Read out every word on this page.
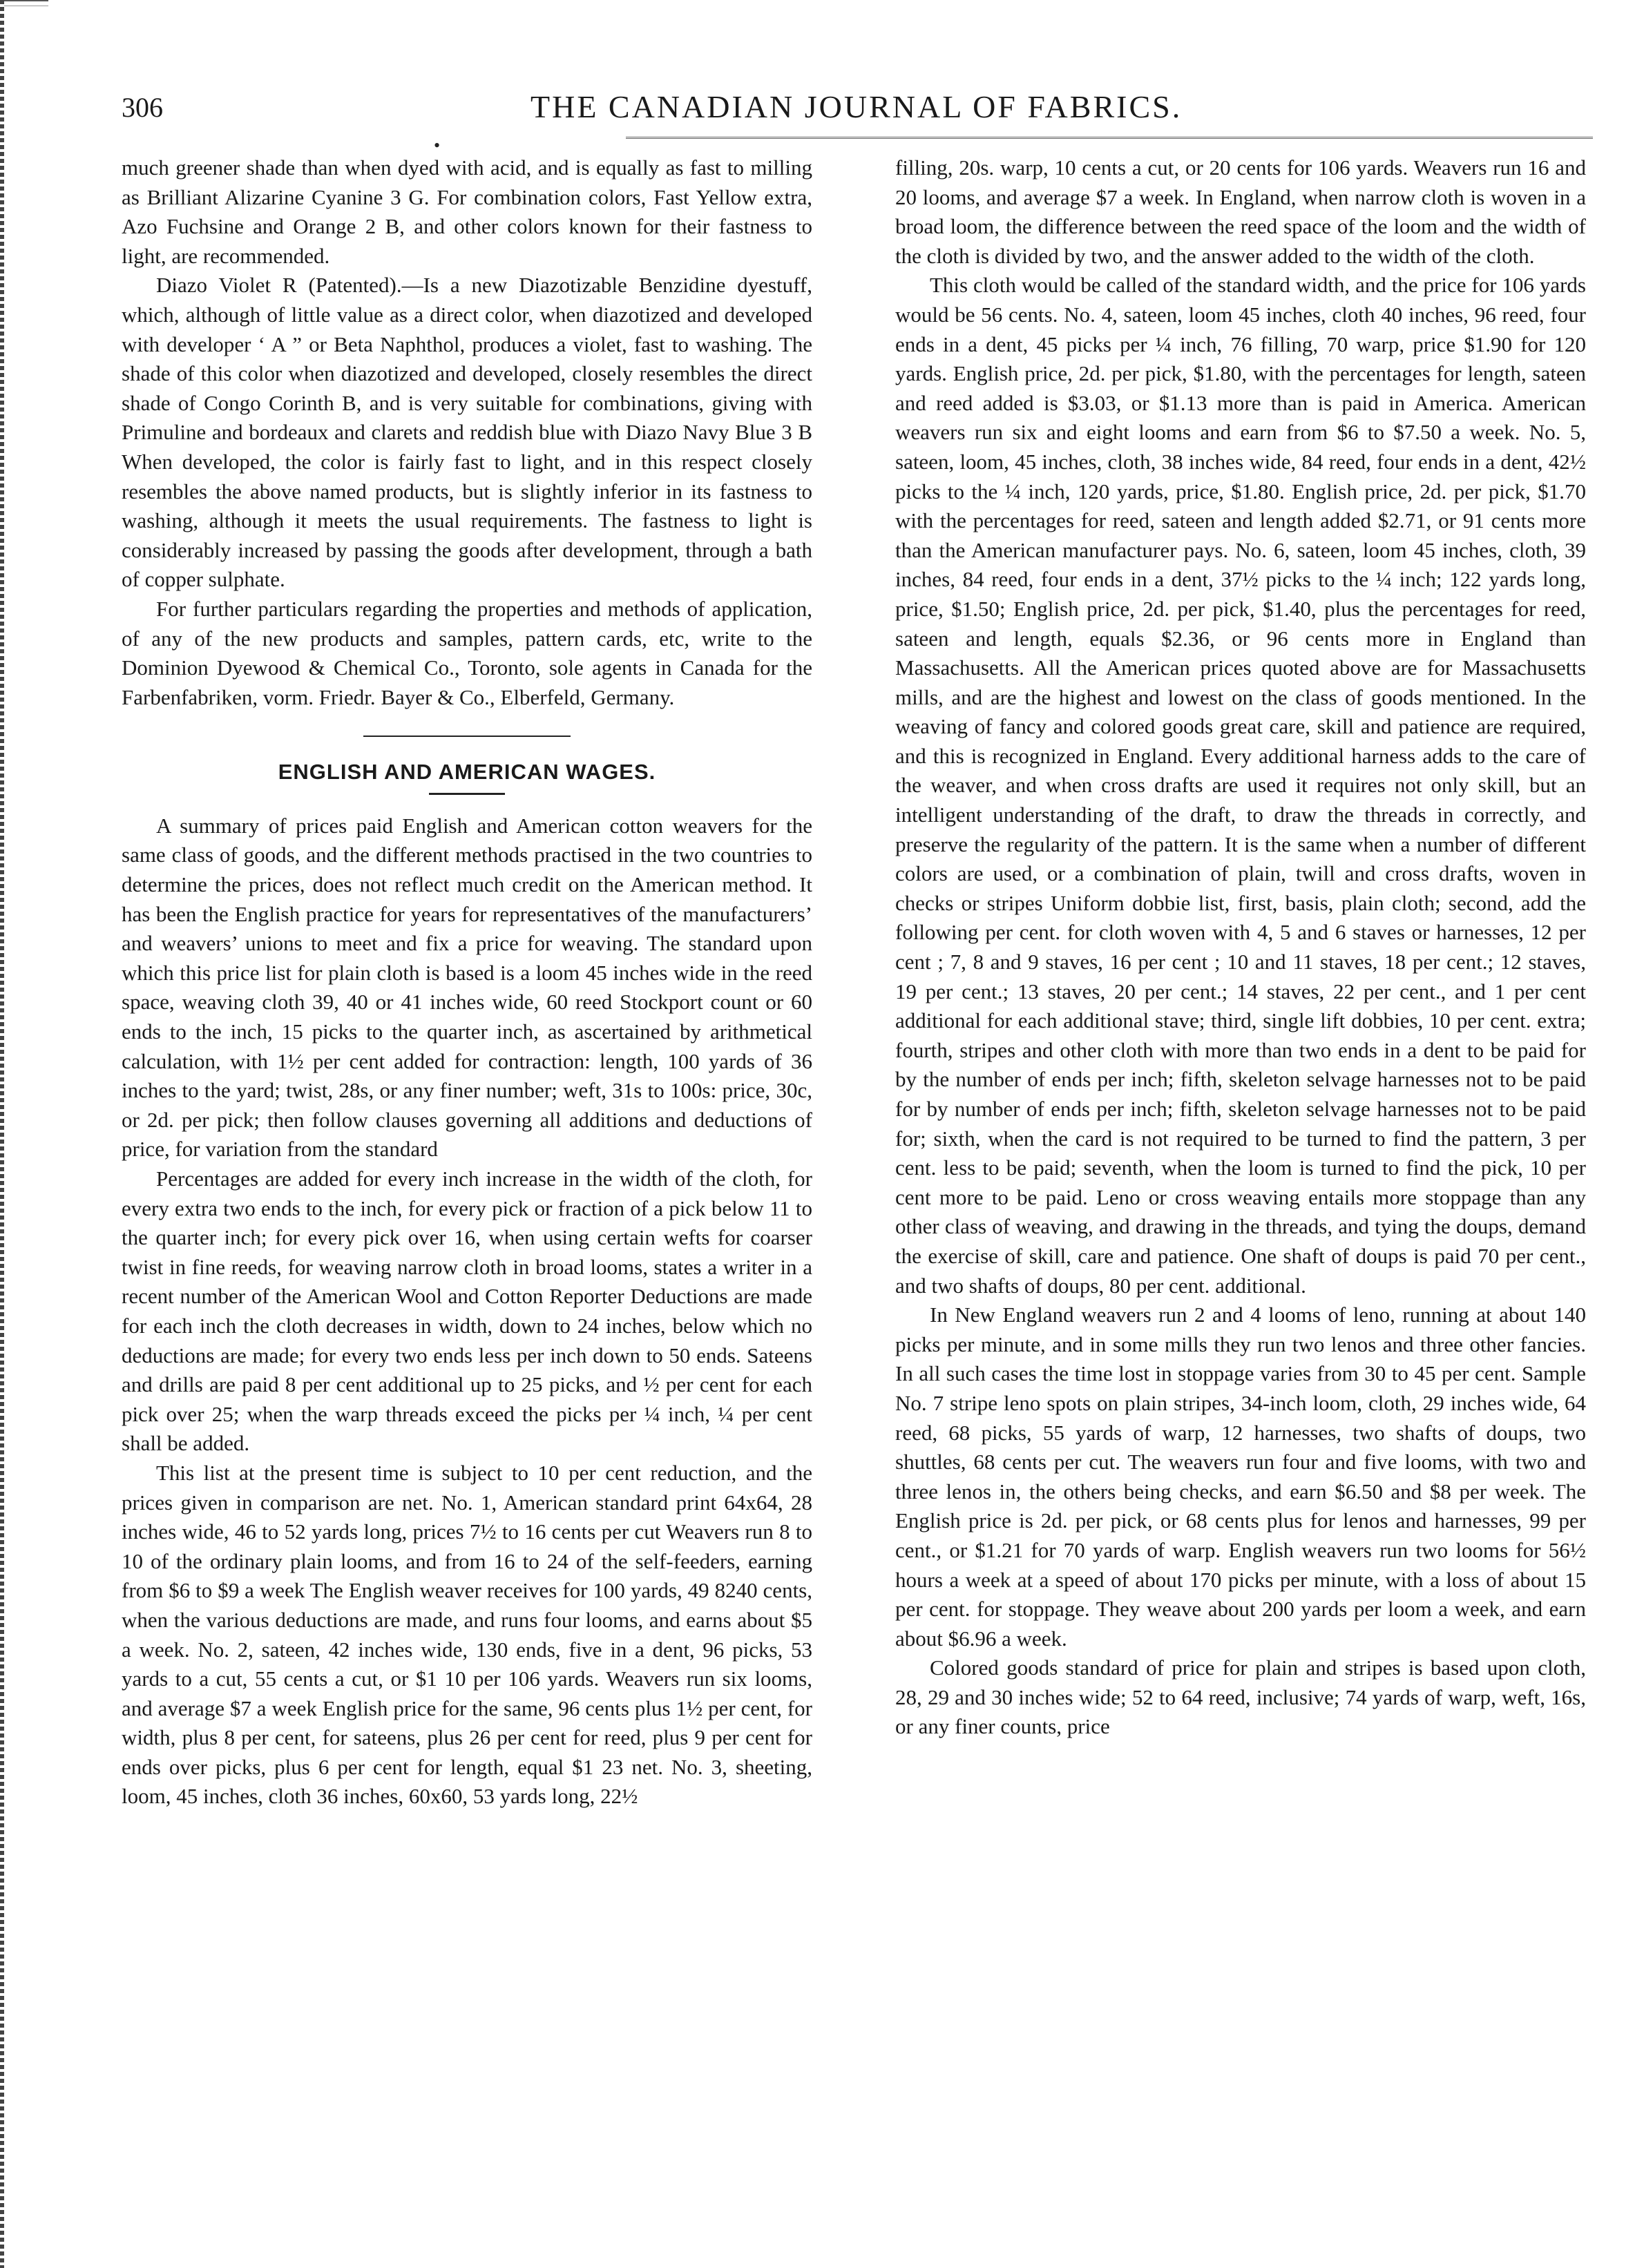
306	THE CANADIAN JOURNAL OF FABRICS.
•

much greener shade than when dyed with acid, and is equally as fast to milling as Brilliant Alizarine Cyanine 3 G. For combination colors, Fast Yellow extra, Azo Fuchsine and Orange 2 B, and other colors known for their fastness to light, are recommended.

Diazo Violet R (Patented).—Is a new Diazotizable Benzidine dyestuff, which, although of little value as a direct color, when diazotized and developed with developer ‘ A ” or Beta Naphthol, produces a violet, fast to washing. The shade of this color when diazotized and developed, closely resembles the direct shade of Congo Corinth B, and is very suitable for combinations, giving with Primuline and bordeaux and clarets and reddish blue with Diazo Navy Blue 3 B When developed, the color is fairly fast to light, and in this respect closely resembles the above named products, but is slightly inferior in its fastness to washing, although it meets the usual requirements. The fastness to light is considerably increased by passing the goods after development, through a bath of copper sulphate.

For further particulars regarding the properties and methods of application, of any of the new products and samples, pattern cards, etc, write to the Dominion Dyewood & Chemical Co., Toronto, sole agents in Canada for the Farbenfabriken, vorm. Friedr. Bayer & Co., Elberfeld, Germany.

ENGLISH AND AMERICAN WAGES.

A summary of prices paid English and American cotton weavers for the same class of goods, and the different methods practised in the two countries to determine the prices, does not reflect much credit on the American method. It has been the English practice for years for representatives of the manufacturers’ and weavers’ unions to meet and fix a price for weaving. The standard upon which this price list for plain cloth is based is a loom 45 inches wide in the reed space, weaving cloth 39, 40 or 41 inches wide, 60 reed Stockport count or 60 ends to the inch, 15 picks to the quarter inch, as ascertained by arithmetical calculation, with 1½ per cent added for contraction: length, 100 yards of 36 inches to the yard; twist, 28s, or any finer number; weft, 31s to 100s: price, 30c, or 2d. per pick; then follow clauses governing all additions and deductions of price, for variation from the standard

Percentages are added for every inch increase in the width of the cloth, for every extra two ends to the inch, for every pick or fraction of a pick below 11 to the quarter inch; for every pick over 16, when using certain wefts for coarser twist in fine reeds, for weaving narrow cloth in broad looms, states a writer in a recent number of the American Wool and Cotton Reporter Deductions are made for each inch the cloth decreases in width, down to 24 inches, below which no deductions are made; for every two ends less per inch down to 50 ends. Sateens and drills are paid 8 per cent additional up to 25 picks, and ½ per cent for each pick over 25; when the warp threads exceed the picks per ¼ inch, ¼ per cent shall be added.

This list at the present time is subject to 10 per cent reduction, and the prices given in comparison are net. No. 1, American standard print 64x64, 28 inches wide, 46 to 52 yards long, prices 7½ to 16 cents per cut Weavers run 8 to 10 of the ordinary plain looms, and from 16 to 24 of the self-feeders, earning from $6 to $9 a week The English weaver receives for 100 yards, 49 8240 cents, when the various deductions are made, and runs four looms, and earns about $5 a week. No. 2, sateen, 42 inches wide, 130 ends, five in a dent, 96 picks, 53 yards to a cut, 55 cents a cut, or $1 10 per 106 yards. Weavers run six looms, and average $7 a week English price for the same, 96 cents plus 1½ per cent, for width, plus 8 per cent, for sateens, plus 26 per cent for reed, plus 9 per cent for ends over picks, plus 6 per cent for length, equal $1 23 net. No. 3, sheeting, loom, 45 inches, cloth 36 inches, 60x60, 53 yards long, 22½

filling, 20s. warp, 10 cents a cut, or 20 cents for 106 yards. Weavers run 16 and 20 looms, and average $7 a week. In England, when narrow cloth is woven in a broad loom, the difference between the reed space of the loom and the width of the cloth is divided by two, and the answer added to the width of the cloth.

This cloth would be called of the standard width, and the price for 106 yards would be 56 cents. No. 4, sateen, loom 45 inches, cloth 40 inches, 96 reed, four ends in a dent, 45 picks per ¼ inch, 76 filling, 70 warp, price $1.90 for 120 yards. English price, 2d. per pick, $1.80, with the percentages for length, sateen and reed added is $3.03, or $1.13 more than is paid in America. American weavers run six and eight looms and earn from $6 to $7.50 a week. No. 5, sateen, loom, 45 inches, cloth, 38 inches wide, 84 reed, four ends in a dent, 42½ picks to the ¼ inch, 120 yards, price, $1.80. English price, 2d. per pick, $1.70 with the percentages for reed, sateen and length added $2.71, or 91 cents more than the American manufacturer pays. No. 6, sateen, loom 45 inches, cloth, 39 inches, 84 reed, four ends in a dent, 37½ picks to the ¼ inch; 122 yards long, price, $1.50; English price, 2d. per pick, $1.40, plus the percentages for reed, sateen and length, equals $2.36, or 96 cents more in England than Massachusetts. All the American prices quoted above are for Massachusetts mills, and are the highest and lowest on the class of goods mentioned. In the weaving of fancy and colored goods great care, skill and patience are required, and this is recognized in England. Every additional harness adds to the care of the weaver, and when cross drafts are used it requires not only skill, but an intelligent understanding of the draft, to draw the threads in correctly, and preserve the regularity of the pattern. It is the same when a number of different colors are used, or a combination of plain, twill and cross drafts, woven in checks or stripes Uniform dobbie list, first, basis, plain cloth; second, add the following per cent. for cloth woven with 4, 5 and 6 staves or harnesses, 12 per cent ; 7, 8 and 9 staves, 16 per cent ; 10 and 11 staves, 18 per cent.; 12 staves, 19 per cent.; 13 staves, 20 per cent.; 14 staves, 22 per cent., and 1 per cent additional for each additional stave; third, single lift dobbies, 10 per cent. extra; fourth, stripes and other cloth with more than two ends in a dent to be paid for by the number of ends per inch; fifth, skeleton selvage harnesses not to be paid for by number of ends per inch; fifth, skeleton selvage harnesses not to be paid for; sixth, when the card is not required to be turned to find the pattern, 3 per cent. less to be paid; seventh, when the loom is turned to find the pick, 10 per cent more to be paid. Leno or cross weaving entails more stoppage than any other class of weaving, and drawing in the threads, and tying the doups, demand the exercise of skill, care and patience. One shaft of doups is paid 70 per cent., and two shafts of doups, 80 per cent. additional.

In New England weavers run 2 and 4 looms of leno, running at about 140 picks per minute, and in some mills they run two lenos and three other fancies. In all such cases the time lost in stoppage varies from 30 to 45 per cent. Sample No. 7 stripe leno spots on plain stripes, 34-inch loom, cloth, 29 inches wide, 64 reed, 68 picks, 55 yards of warp, 12 harnesses, two shafts of doups, two shuttles, 68 cents per cut. The weavers run four and five looms, with two and three lenos in, the others being checks, and earn $6.50 and $8 per week. The English price is 2d. per pick, or 68 cents plus for lenos and harnesses, 99 per cent., or $1.21 for 70 yards of warp. English weavers run two looms for 56½ hours a week at a speed of about 170 picks per minute, with a loss of about 15 per cent. for stoppage. They weave about 200 yards per loom a week, and earn about $6.96 a week.

Colored goods standard of price for plain and stripes is based upon cloth, 28, 29 and 30 inches wide; 52 to 64 reed, inclusive; 74 yards of warp, weft, 16s, or any finer counts, price
